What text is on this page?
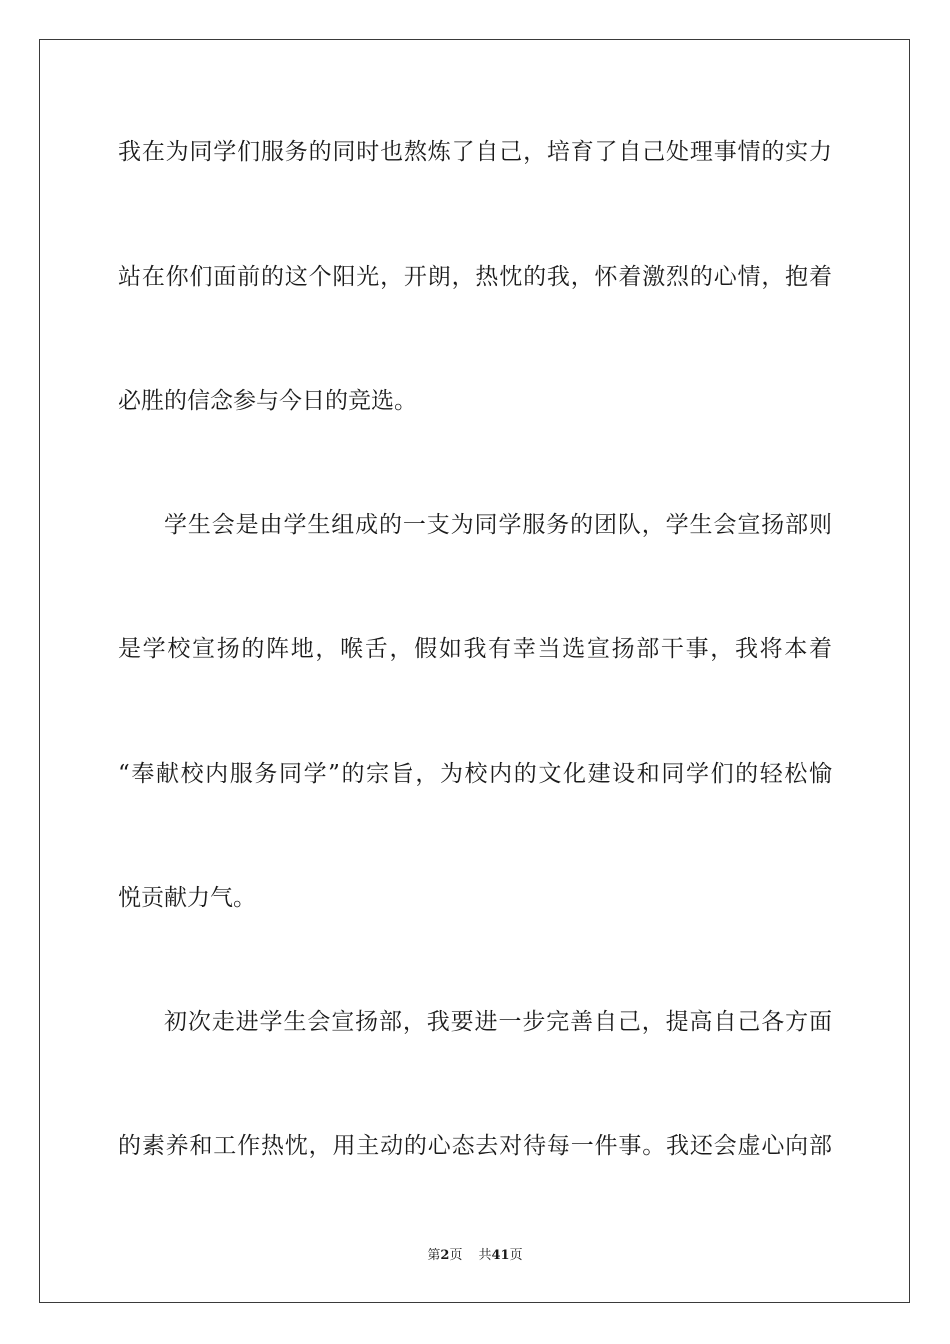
我在为同学们服务的同时也熬炼了自己，培育了自己处理事情的实力
站在你们面前的这个阳光，开朗，热忱的我，怀着激烈的心情，抱着
必胜的信念参与今日的竞选。
学生会是由学生组成的一支为同学服务的团队，学生会宣扬部则
是学校宣扬的阵地，喉舌，假如我有幸当选宣扬部干事，我将本着
“奉献校内服务同学”的宗旨，为校内的文化建设和同学们的轻松愉
悦贡献力气。
初次走进学生会宣扬部，我要进一步完善自己，提高自己各方面
的素养和工作热忱，用主动的心态去对待每一件事。我还会虚心向部
第2页 共41页
